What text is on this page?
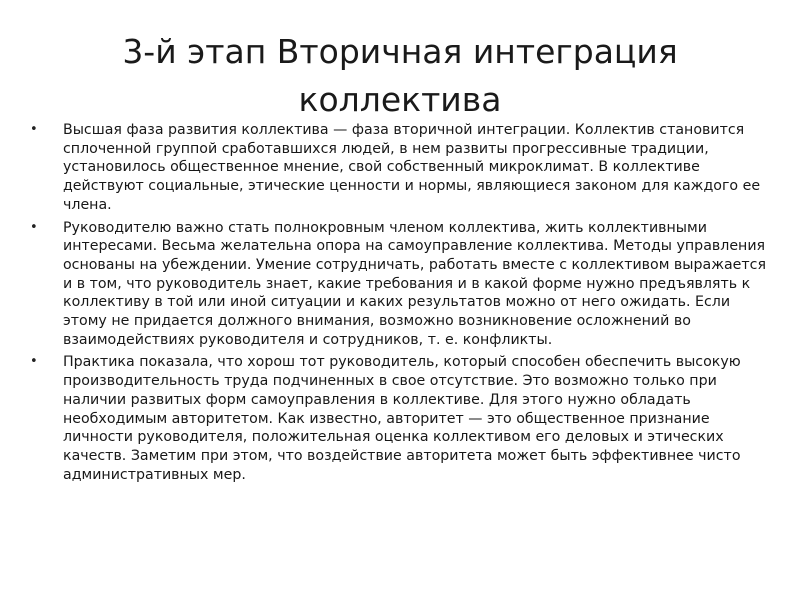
3-й этап Вторичная интеграция коллектива
•	Высшая фаза развития коллектива — фаза вторичной интеграции. Коллектив становится сплоченной группой сработавшихся людей, в нем развиты прогрессивные традиции, установилось общественное мнение, свой собственный микроклимат. В коллективе действуют социальные, этические ценности и нормы, являющиеся законом для каждого ее члена.
•	Руководителю важно стать полнокровным членом коллектива, жить коллективными интересами. Весьма желательна опора на самоуправление коллектива. Методы управления основаны на убеждении. Умение сотрудничать, работать вместе с коллективом выражается и в том, что руководитель знает, какие требования и в какой форме нужно предъявлять к коллективу в той или иной ситуации и каких результатов можно от него ожидать. Если этому не придается должного внимания, возможно возникновение осложнений во взаимодействиях руководителя и сотрудников, т. е. конфликты.
•	Практика показала, что хорош тот руководитель, который способен обеспечить высокую производительность труда подчиненных в свое отсутствие. Это возможно только при наличии развитых форм самоуправления в коллективе. Для этого нужно обладать необходимым авторитетом. Как известно, авторитет — это общественное признание личности руководителя, положительная оценка коллективом его деловых и этических качеств. Заметим при этом, что воздействие авторитета может быть эффективнее чисто административных мер.
